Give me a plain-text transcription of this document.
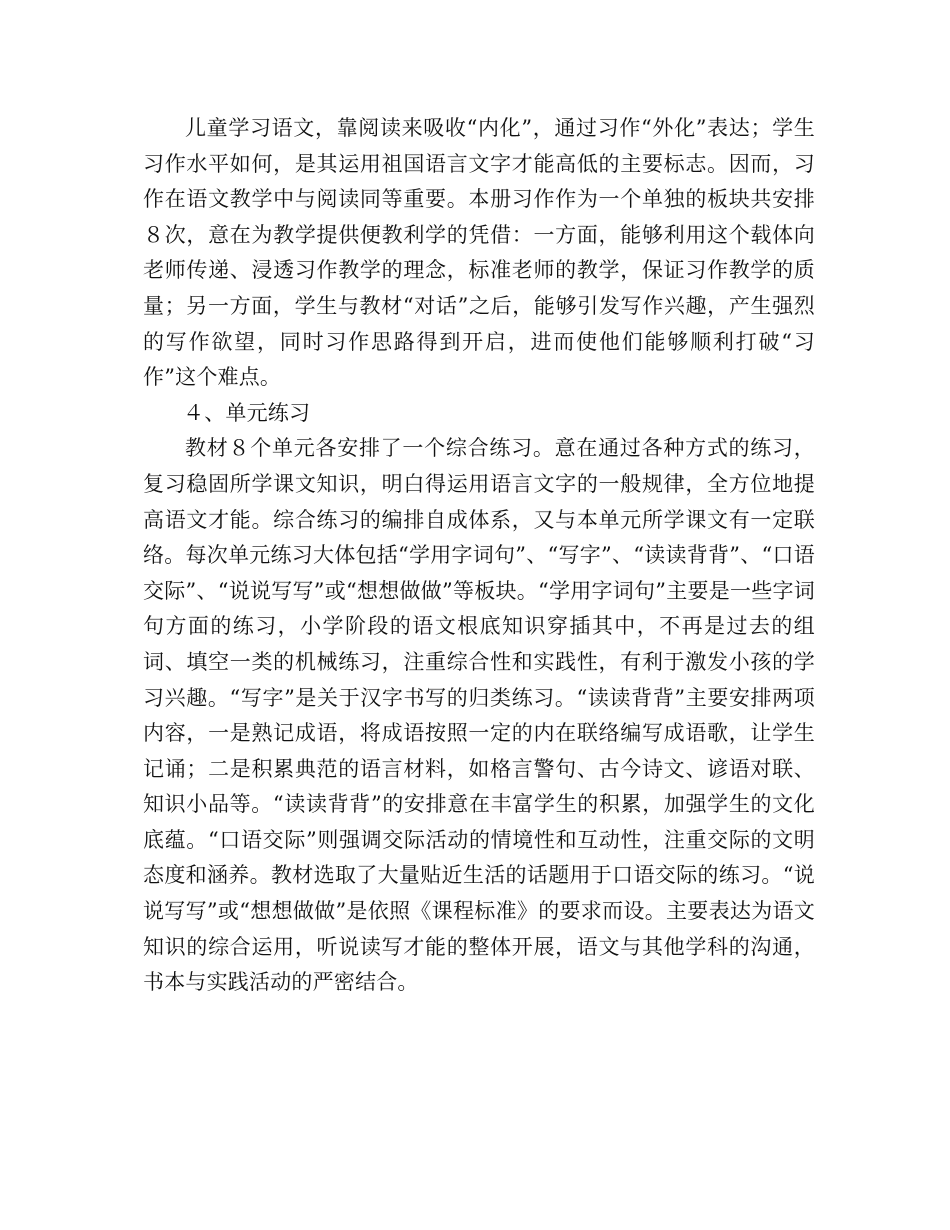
儿童学习语文，靠阅读来吸收“内化”，通过习作“外化”表达；学生习作水平如何，是其运用祖国语言文字才能高低的主要标志。因而，习作在语文教学中与阅读同等重要。本册习作作为一个单独的板块共安排８次，意在为教学提供便教利学的凭借：一方面，能够利用这个载体向老师传递、浸透习作教学的理念，标准老师的教学，保证习作教学的质量；另一方面，学生与教材“对话”之后，能够引发写作兴趣，产生强烈的写作欲望，同时习作思路得到开启，进而使他们能够顺利打破“习作”这个难点。

４、单元练习

教材８个单元各安排了一个综合练习。意在通过各种方式的练习，复习稳固所学课文知识，明白得运用语言文字的一般规律，全方位地提高语文才能。综合练习的编排自成体系，又与本单元所学课文有一定联络。每次单元练习大体包括“学用字词句”、“写字”、“读读背背”、“口语交际”、“说说写写”或“想想做做”等板块。“学用字词句”主要是一些字词句方面的练习，小学阶段的语文根底知识穿插其中，不再是过去的组词、填空一类的机械练习，注重综合性和实践性，有利于激发小孩的学习兴趣。“写字”是关于汉字书写的归类练习。“读读背背”主要安排两项内容，一是熟记成语，将成语按照一定的内在联络编写成语歌，让学生记诵；二是积累典范的语言材料，如格言警句、古今诗文、谚语对联、知识小品等。“读读背背”的安排意在丰富学生的积累，加强学生的文化底蕴。“口语交际”则强调交际活动的情境性和互动性，注重交际的文明态度和涵养。教材选取了大量贴近生活的话题用于口语交际的练习。“说说写写”或“想想做做”是依照《课程标准》的要求而设。主要表达为语文知识的综合运用，听说读写才能的整体开展，语文与其他学科的沟通，书本与实践活动的严密结合。
